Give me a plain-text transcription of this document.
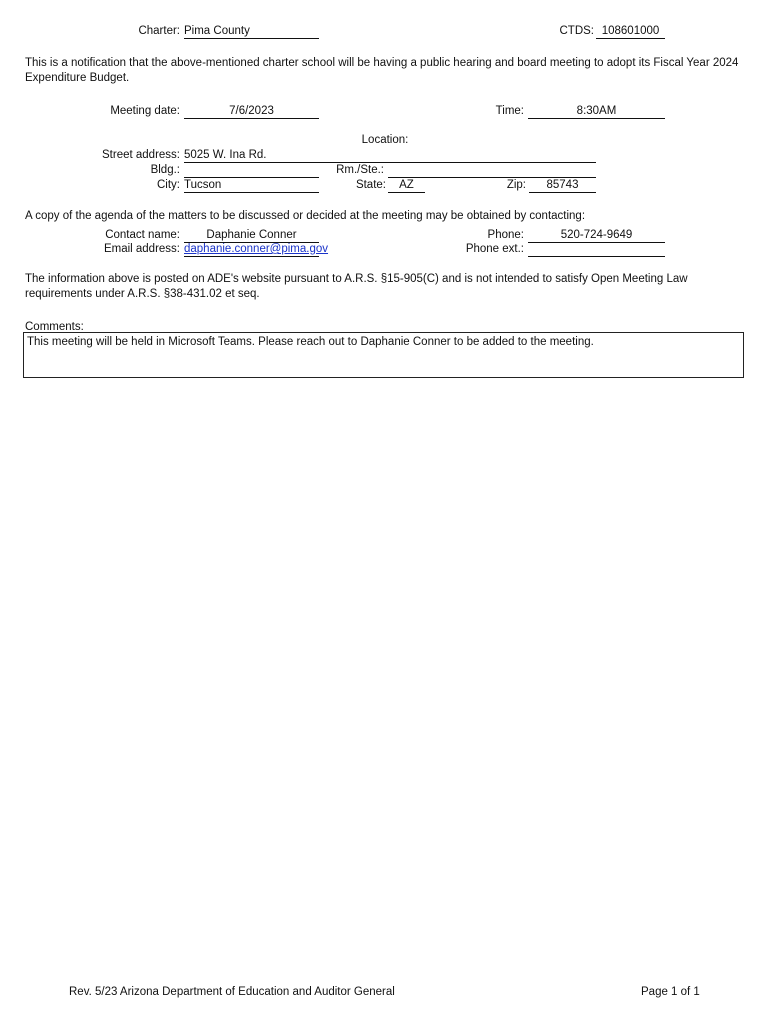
Charter: Pima County	CTDS: 108601000
This is a notification that the above-mentioned charter school will be having a public hearing and board meeting to adopt its Fiscal Year 2024 Expenditure Budget.
Meeting date:	7/6/2023	Time:	8:30AM
Location:
Street address: 5025 W. Ina Rd.
Bldg.:	Rm./Ste.:
City: Tucson	State:	AZ	Zip:	85743
A copy of the agenda of the matters to be discussed or decided at the meeting may be obtained by contacting:
Contact name:	Daphanie Conner	Phone:	520-724-9649
Email address: daphanie.conner@pima.gov	Phone ext.:
The information above is posted on ADE's website pursuant to A.R.S. §15-905(C) and is not intended to satisfy Open Meeting Law requirements under A.R.S. §38-431.02 et seq.
Comments:
This meeting will be held in Microsoft Teams. Please reach out to Daphanie Conner to be added to the meeting.
Rev. 5/23 Arizona Department of Education and Auditor General	Page 1 of 1
